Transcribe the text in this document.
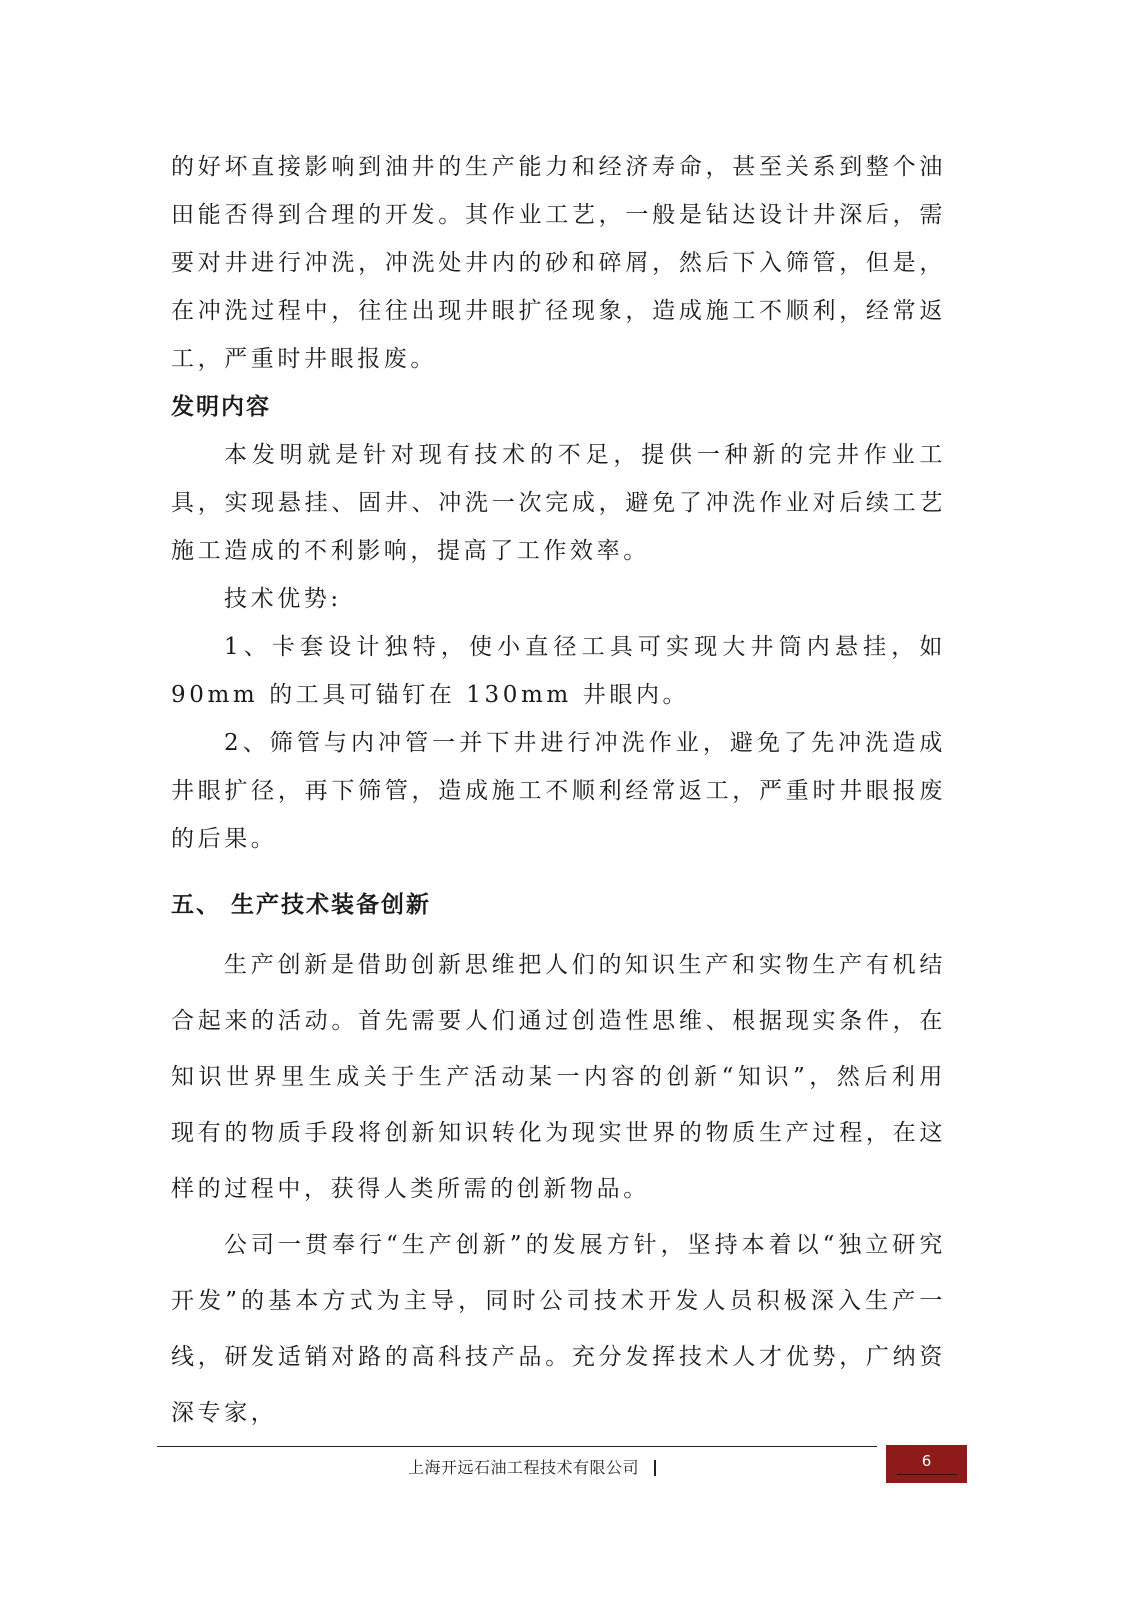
的好坏直接影响到油井的生产能力和经济寿命，甚至关系到整个油田能否得到合理的开发。其作业工艺，一般是钻达设计井深后，需要对井进行冲洗，冲洗处井内的砂和碎屑，然后下入筛管，但是，在冲洗过程中，往往出现井眼扩径现象，造成施工不顺利，经常返工，严重时井眼报废。

发明内容

本发明就是针对现有技术的不足，提供一种新的完井作业工具，实现悬挂、固井、冲洗一次完成，避免了冲洗作业对后续工艺施工造成的不利影响，提高了工作效率。

技术优势:

1、卡套设计独特，使小直径工具可实现大井筒内悬挂，如 90mm 的工具可锚钉在 130mm 井眼内。

2、筛管与内冲管一并下井进行冲洗作业，避免了先冲洗造成井眼扩径，再下筛管，造成施工不顺利经常返工，严重时井眼报废的后果。

五、 生产技术装备创新

生产创新是借助创新思维把人们的知识生产和实物生产有机结合起来的活动。首先需要人们通过创造性思维、根据现实条件，在知识世界里生成关于生产活动某一内容的创新“知识”，然后利用现有的物质手段将创新知识转化为现实世界的物质生产过程，在这样的过程中，获得人类所需的创新物品。

公司一贯奉行“生产创新”的发展方针，坚持本着以“独立研究开发”的基本方式为主导，同时公司技术开发人员积极深入生产一线，研发适销对路的高科技产品。充分发挥技术人才优势，广纳资深专家，

上海开远石油工程技术有限公司	6
